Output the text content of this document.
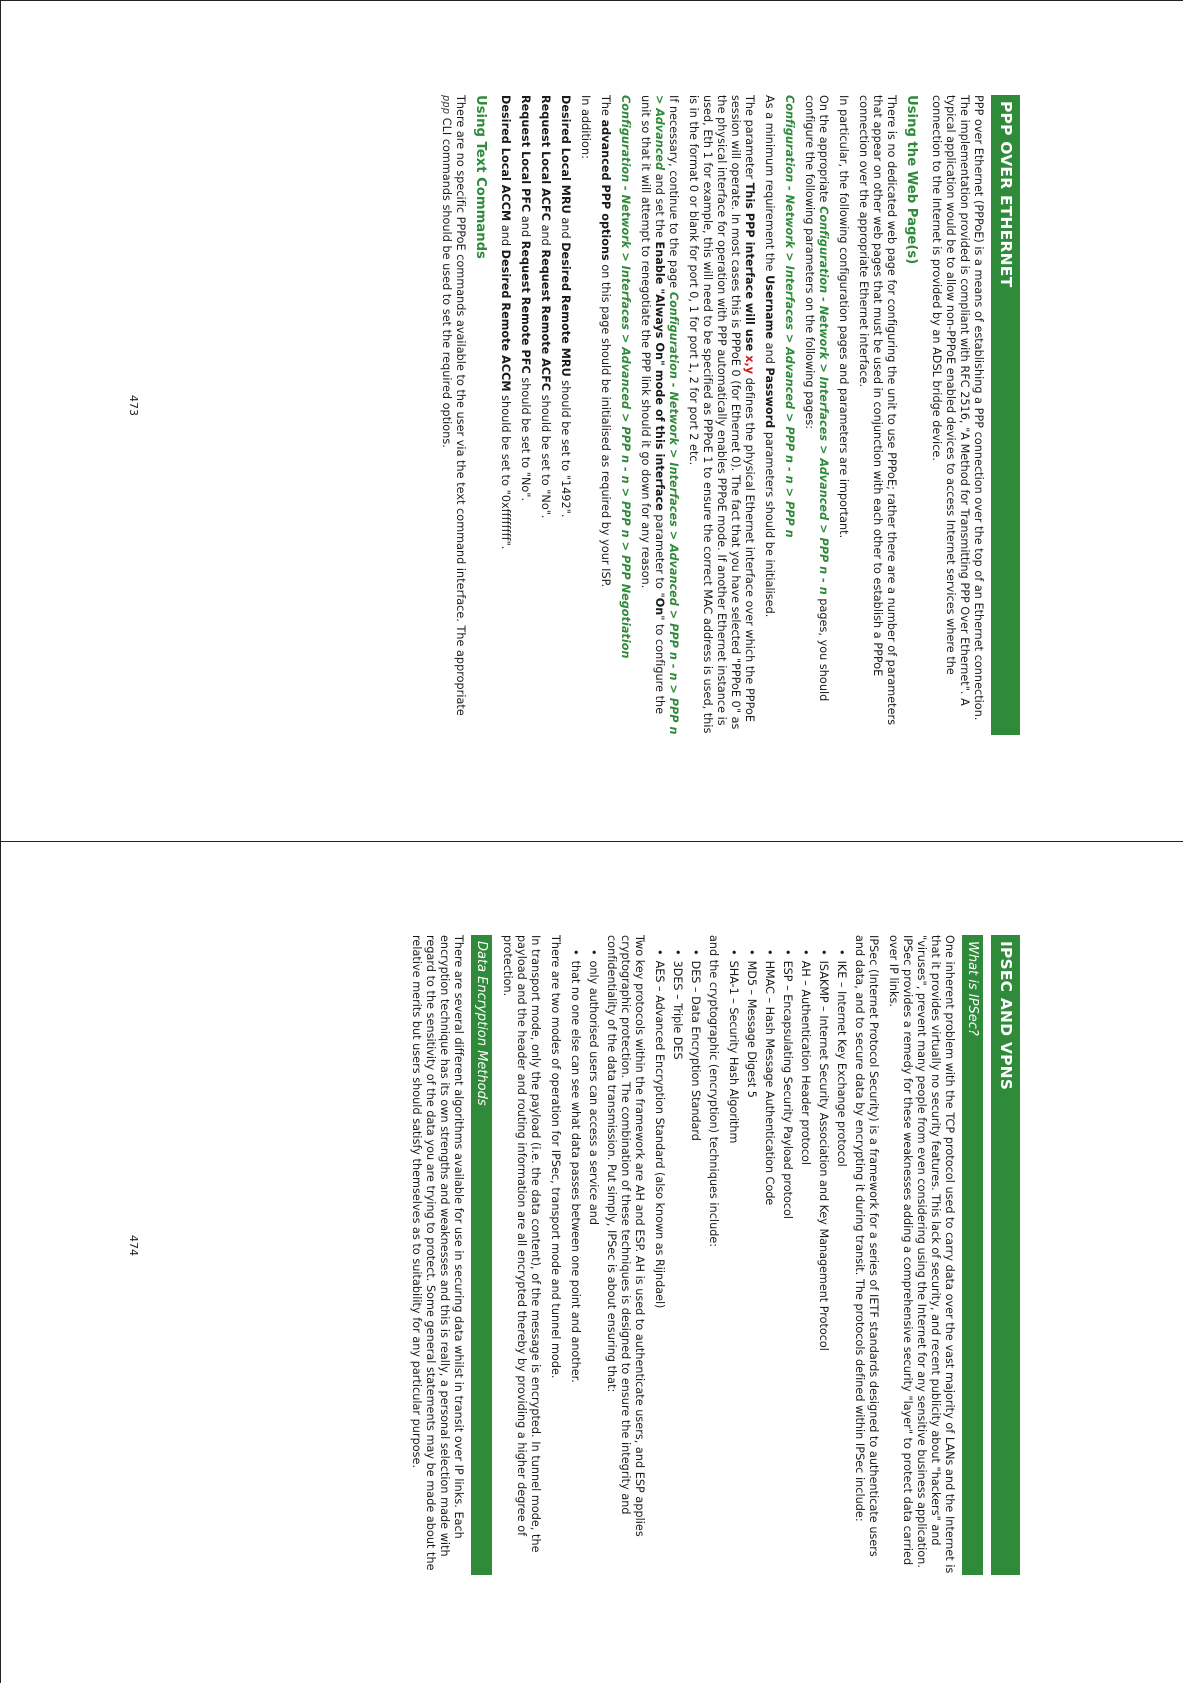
PPP OVER ETHERNET

PPP over Ethernet (PPPoE) is a means of establishing a PPP connection over the top of an Ethernet connection. The implementation provided is compliant with RFC 2516, "A Method for Transmitting PPP Over Ethernet". A typical application would be to allow non-PPPoE enabled devices to access Internet services where the connection to the Internet is provided by an ADSL bridge device.

Using the Web Page(s)

There is no dedicated web page for configuring the unit to use PPPoE; rather there are a number of parameters that appear on other web pages that must be used in conjunction with each other to establish a PPPoE connection over the appropriate Ethernet interface.

In particular, the following configuration pages and parameters are important.

On the appropriate Configuration - Network > Interfaces > Advanced > PPP n - n pages, you should configure the following parameters on the following pages:

Configuration - Network > Interfaces > Advanced > PPP n - n > PPP n

As a minimum requirement the Username and Password parameters should be initialised.

The parameter This PPP interface will use x,y defines the physical Ethernet interface over which the PPPoE session will operate. In most cases this is PPPoE 0 (for Ethernet 0). The fact that you have selected "PPPoE 0" as the physical interface for operation with PPP automatically enables PPPoE mode. If another Ethernet instance is used, Eth 1 for example, this will need to be specified as PPPoE 1 to ensure the correct MAC address is used, this is in the format 0 or blank for port 0, 1 for port 1, 2 for port 2 etc.

If necessary, continue to the page Configuration - Network > Interfaces > Advanced > PPP n - n > PPP n > Advanced and set the Enable "Always On" mode of this interface parameter to "On" to configure the unit so that it will attempt to renegotiate the PPP link should it go down for any reason.

Configuration - Network > Interfaces > Advanced > PPP n - n > PPP n > PPP Negotiation

The advanced PPP options on this page should be initialised as required by your ISP.

In addition:

Desired Local MRU and Desired Remote MRU should be set to "1492".

Request Local ACFC and Request Remote ACFC should be set to "No".

Request Local PFC and Request Remote PFC should be set to "No".

Desired Local ACCM and Desired Remote ACCM should be set to "0xffffffff".

Using Text Commands

There are no specific PPPoE commands available to the user via the text command interface. The appropriate ppp CLI commands should be used to set the required options.

473
IPSEC AND VPNS
What is IPSec?

One inherent problem with the TCP protocol used to carry data over the vast majority of LANs and the Internet is that it provides virtually no security features. This lack of security, and recent publicity about "hackers" and "viruses", prevent many people from even considering using the Internet for any sensitive business application. IPSec provides a remedy for these weaknesses adding a comprehensive security "layer" to protect data carried over IP links.

IPSec (Internet Protocol Security) is a framework for a series of IETF standards designed to authenticate users and data, and to secure data by encrypting it during transit. The protocols defined within IPSec include:

• IKE – Internet Key Exchange protocol
• ISAKMP – Internet Security Association and Key Management Protocol
• AH – Authentication Header protocol
• ESP – Encapsulating Security Payload protocol
• HMAC – Hash Message Authentication Code
• MD5 – Message Digest 5
• SHA-1 – Security Hash Algorithm

and the cryptographic (encryption) techniques include:

• DES – Data Encryption Standard
• 3DES – Triple DES
• AES – Advanced Encryption Standard (also known as Rijndael)

Two key protocols within the framework are AH and ESP. AH is used to authenticate users, and ESP applies cryptographic protection. The combination of these techniques is designed to ensure the integrity and confidentiality of the data transmission. Put simply, IPSec is about ensuring that:

• only authorised users can access a service and
• that no one else can see what data passes between one point and another.

There are two modes of operation for IPSec, transport mode and tunnel mode.

In transport mode, only the payload (i.e. the data content), of the message is encrypted. In tunnel mode, the payload and the header and routing information are all encrypted thereby by providing a higher degree of protection.

Data Encryption Methods

There are several different algorithms available for use in securing data whilst in transit over IP links. Each encryption technique has its own strengths and weaknesses and this is really, a personal selection made with regard to the sensitivity of the data you are trying to protect. Some general statements may be made about the relative merits but users should satisfy themselves as to suitability for any particular purpose.

474
